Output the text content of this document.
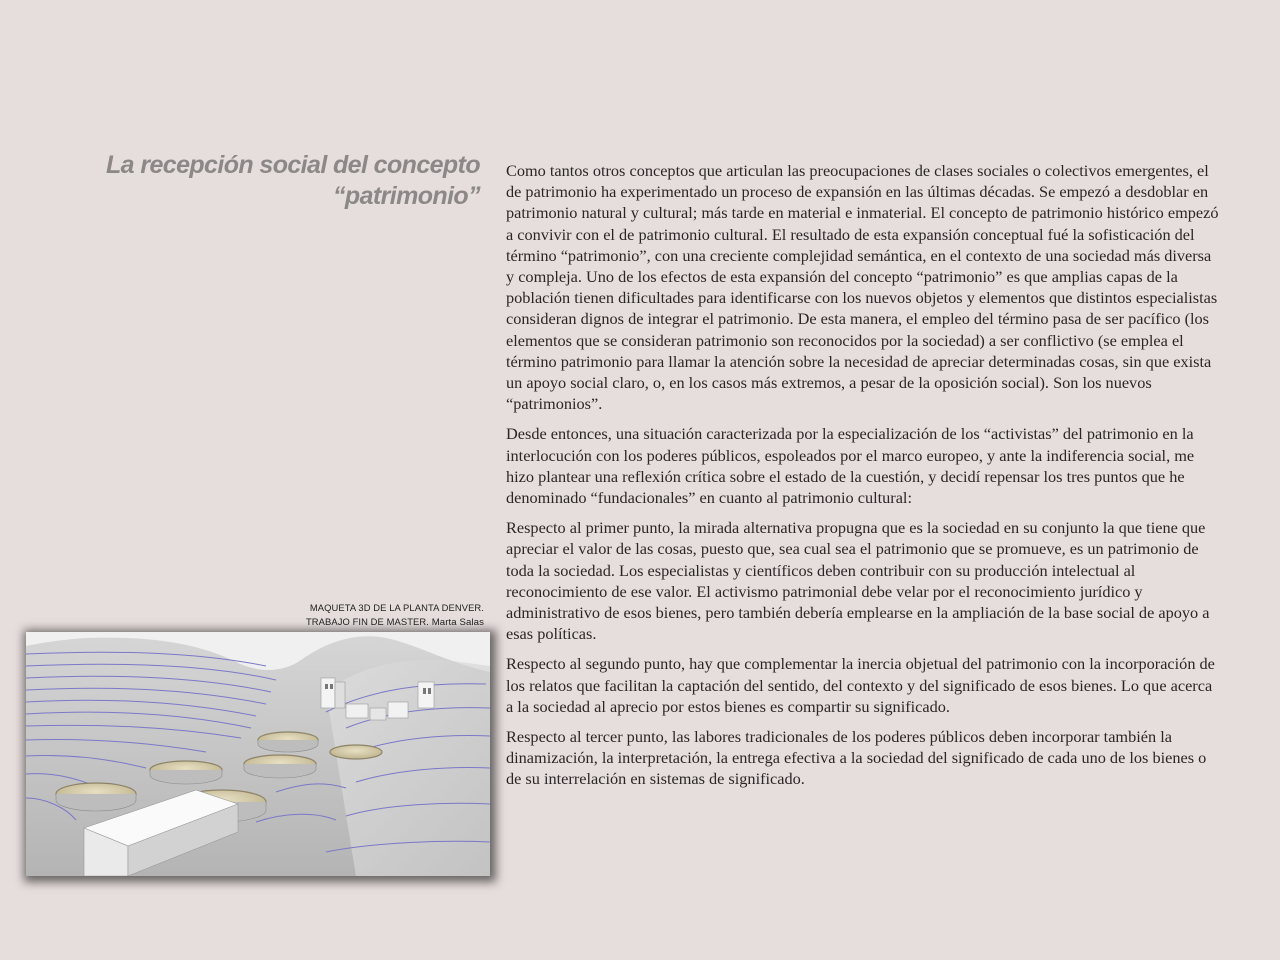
La recepción social del concepto
“patrimonio”

Como tantos otros conceptos que articulan las preocupaciones de clases sociales o colectivos emergentes, el de patrimonio ha experimentado un proceso de expansión en las últimas décadas. Se empezó a desdoblar en patrimonio natural y cultural; más tarde en material e inmaterial. El concepto de patrimonio histórico empezó a convivir con el de patrimonio cultural. El resultado de esta expansión conceptual fué la sofisticación del término “patrimonio”, con una creciente complejidad semántica, en el contexto de una sociedad más diversa y compleja. Uno de los efectos de esta expansión del concepto “patrimonio” es que amplias capas de la población tienen dificultades para identificarse con los nuevos objetos y elementos que distintos especialistas consideran dignos de integrar el patrimonio. De esta manera, el empleo del término pasa de ser pacífico (los elementos que se consideran patrimonio son reconocidos por la sociedad) a ser conflictivo (se emplea el término patrimonio para llamar la atención sobre la necesidad de apreciar determinadas cosas, sin que exista un apoyo social claro, o, en los casos más extremos, a pesar de la oposición social). Son los nuevos “patrimonios”.

Desde entonces, una situación caracterizada por la especialización de los “activistas” del patrimonio en la interlocución con los poderes públicos, espoleados por el marco europeo, y ante la indiferencia social, me hizo plantear una reflexión crítica sobre el estado de la cuestión, y decidí repensar los tres puntos que he denominado “fundacionales” en cuanto al patrimonio cultural:

Respecto al primer punto, la mirada alternativa propugna que es la sociedad en su conjunto la que tiene que apreciar el valor de las cosas, puesto que, sea cual sea el patrimonio que se promueve, es un patrimonio de toda la sociedad. Los especialistas y científicos deben contribuir con su producción intelectual al reconocimiento de ese valor. El activismo patrimonial debe velar por el reconocimiento jurídico y administrativo de esos bienes, pero también debería emplearse en la ampliación de la base social de apoyo a esas políticas.

Respecto al segundo punto, hay que complementar la inercia objetual del patrimonio con la incorporación de los relatos que facilitan la captación del sentido, del contexto y del significado de esos bienes. Lo que acerca a la sociedad al aprecio por estos bienes es compartir su significado.

Respecto al tercer punto, las labores tradicionales de los poderes públicos deben incorporar también la dinamización, la interpretación, la entrega efectiva a la sociedad del significado de cada uno de los bienes o de su interrelación en sistemas de significado.

MAQUETA 3D DE LA PLANTA DENVER.
TRABAJO FIN DE MASTER. Marta Salas
